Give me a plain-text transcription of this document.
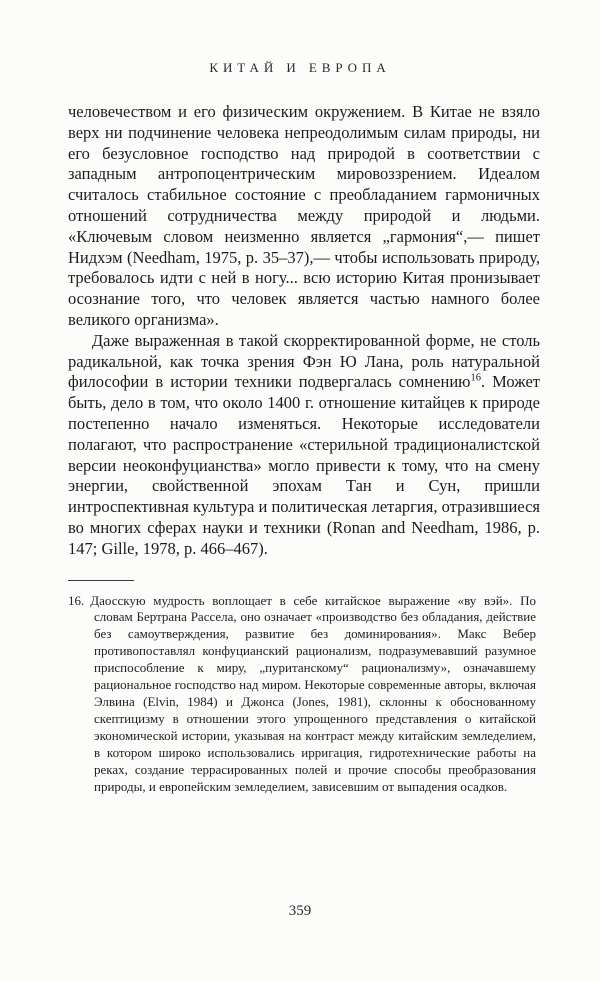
КИТАЙ И ЕВРОПА

человечеством и его физическим окружением. В Китае не взяло верх ни подчинение человека непреодолимым силам природы, ни его безусловное господство над природой в соответствии с западным антропоцентрическим мировоззрением. Идеалом считалось стабильное состояние с преобладанием гармоничных отношений сотрудничества между природой и людьми. «Ключевым словом неизменно является „гармония“,— пишет Нидхэм (Needham, 1975, p. 35–37),— чтобы использовать природу, требовалось идти с ней в ногу... всю историю Китая пронизывает осознание того, что человек является частью намного более великого организма».

Даже выраженная в такой скорректированной форме, не столь радикальной, как точка зрения Фэн Ю Лана, роль натуральной философии в истории техники подвергалась сомнению$^{16}$. Может быть, дело в том, что около 1400 г. отношение китайцев к природе постепенно начало изменяться. Некоторые исследователи полагают, что распространение «стерильной традиционалистской версии неоконфуцианства» могло привести к тому, что на смену энергии, свойственной эпохам Тан и Сун, пришли интроспективная культура и политическая летаргия, отразившиеся во многих сферах науки и техники (Ronan and Needham, 1986, p. 147; Gille, 1978, p. 466–467).

16. Даосскую мудрость воплощает в себе китайское выражение «ву вэй». По словам Бертрана Рассела, оно означает «производство без обладания, действие без самоутверждения, развитие без доминирования». Макс Вебер противопоставлял конфуцианский рационализм, подразумевавший разумное приспособление к миру, „пуританскому“ рационализму», означавшему рациональное господство над миром. Некоторые современные авторы, включая Элвина (Elvin, 1984) и Джонса (Jones, 1981), склонны к обоснованному скептицизму в отношении этого упрощенного представления о китайской экономической истории, указывая на контраст между китайским земледелием, в котором широко использовались ирригация, гидротехнические работы на реках, создание террасированных полей и прочие способы преобразования природы, и европейским земледелием, зависевшим от выпадения осадков.
359
